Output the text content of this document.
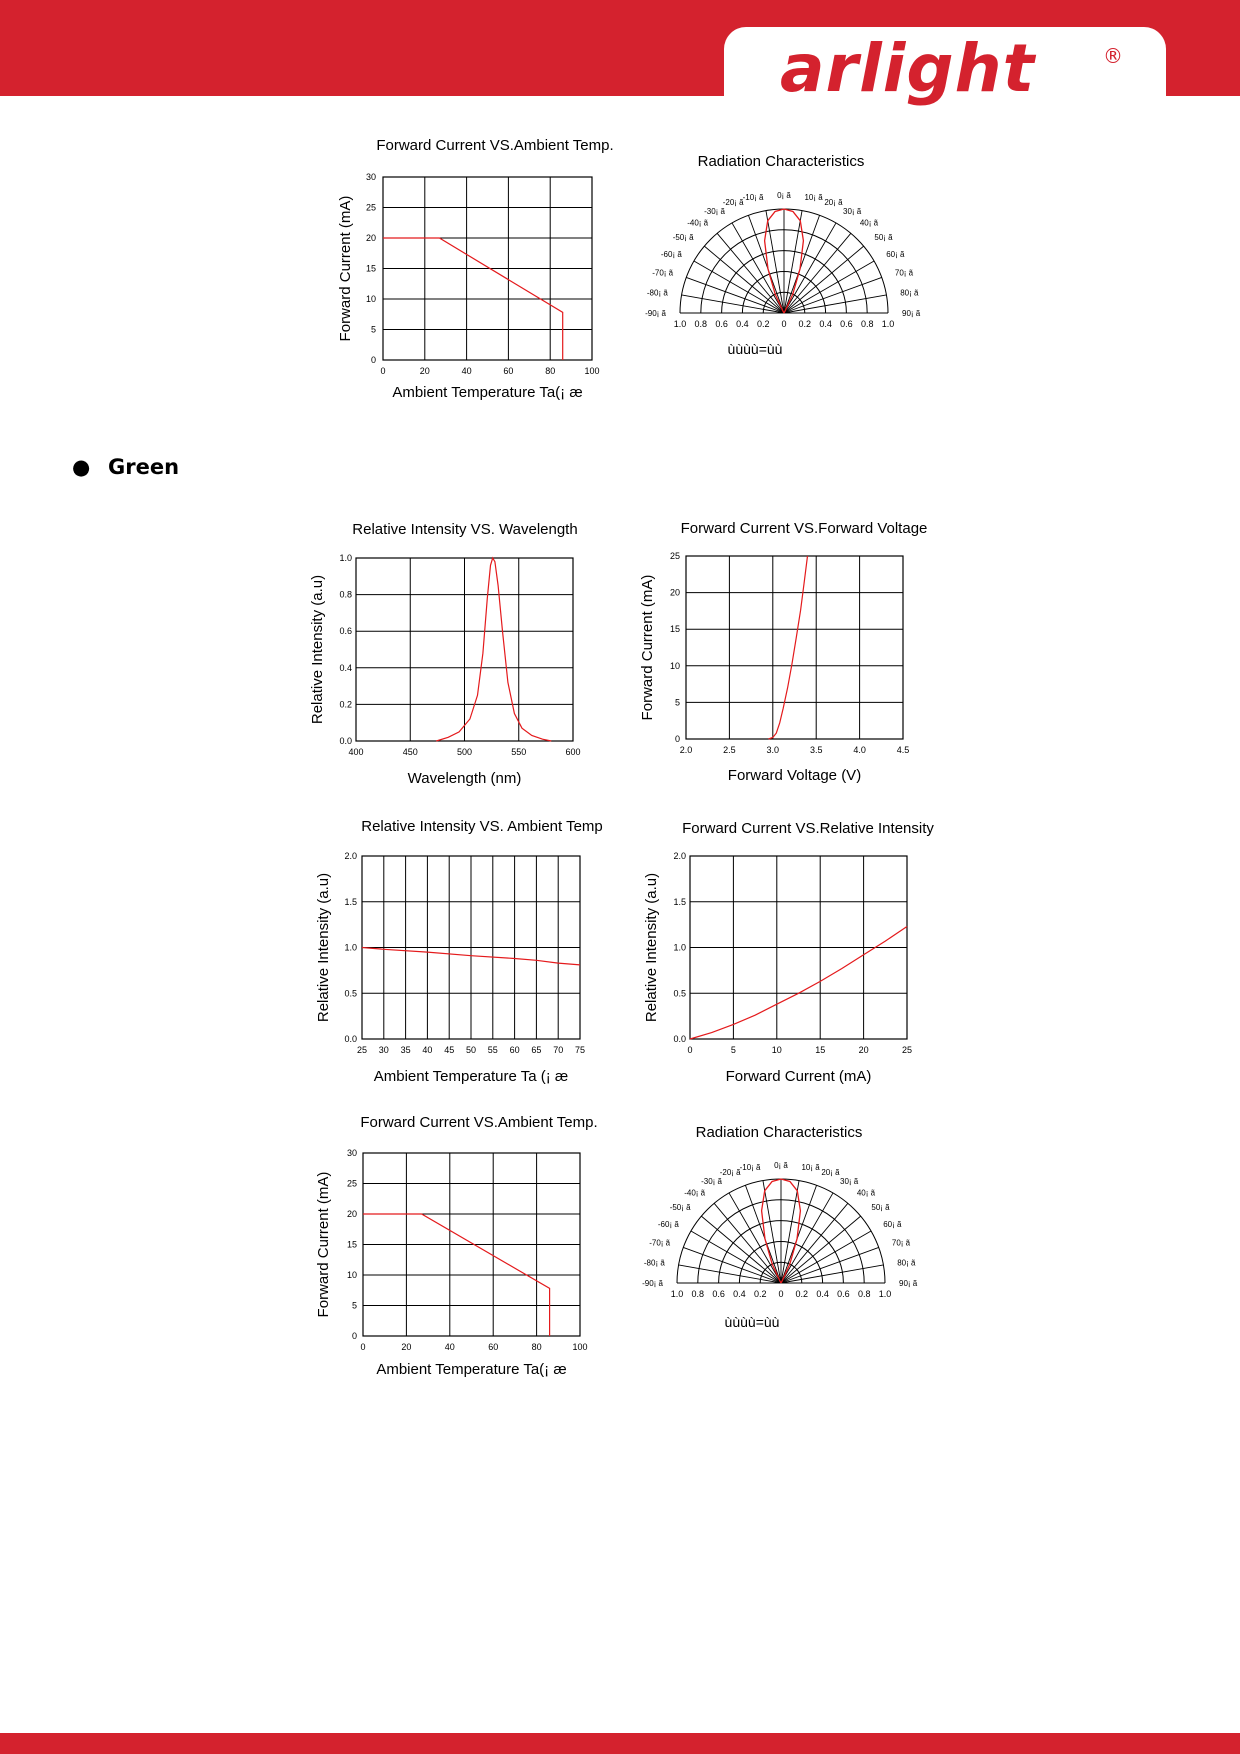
arlight	®
● Green
Forward Current VS.Ambient Temp.
0	20	40	60	80	100
0
5
10
15
20
25
30
Ambient Temperature Ta(¡ æ
Forward Current (mA)
Radiation Characteristics
-90¡ ã
-80¡ ã
-70¡ ã
-60¡ ã
-50¡ ã
-40¡ ã
-30¡ ã
-20¡ ã
-10¡ ã 0¡ ã 10¡ ã
20¡ ã
30¡ ã
40¡ ã
50¡ ã
60¡ ã
70¡ ã
80¡ ã
90¡ ã
1.0 0.8 0.6 0.4 0.2 0 0.2 0.4 0.6 0.8 1.0
ùùùù=ùù
Relative Intensity VS. Wavelength
400	450	500	550	600
0.0
0.2
0.4
0.6
0.8
1.0
Wavelength (nm)
Relative Intensity (a.u)
Forward Current VS.Forward Voltage
2.0	2.5	3.0	3.5	4.0	4.5
0
5
10
15
20
25
Forward Voltage (V)
Forward Current (mA)
Relative Intensity VS. Ambient Temp
25 30 35 40 45 50 55 60 65 70 75
0.0
0.5
1.0
1.5
2.0
Ambient Temperature Ta (¡ æ
Relative Intensity (a.u)
Forward Current VS.Relative Intensity
0	5	10	15	20	25
0.0
0.5
1.0
1.5
2.0
Forward Current (mA)
Relative Intensity (a.u)
Forward Current VS.Ambient Temp.
0	20	40	60	80	100
0
5
10
15
20
25
30
Ambient Temperature Ta(¡ æ
Forward Current (mA)
Radiation Characteristics
-90¡ ã
-80¡ ã
-70¡ ã
-60¡ ã
-50¡ ã
-40¡ ã
-30¡ ã
-20¡ ã
-10¡ ã 0¡ ã 10¡ ã
20¡ ã
30¡ ã
40¡ ã
50¡ ã
60¡ ã
70¡ ã
80¡ ã
90¡ ã
1.0 0.8 0.6 0.4 0.2 0 0.2 0.4 0.6 0.8 1.0
ùùùù=ùù
